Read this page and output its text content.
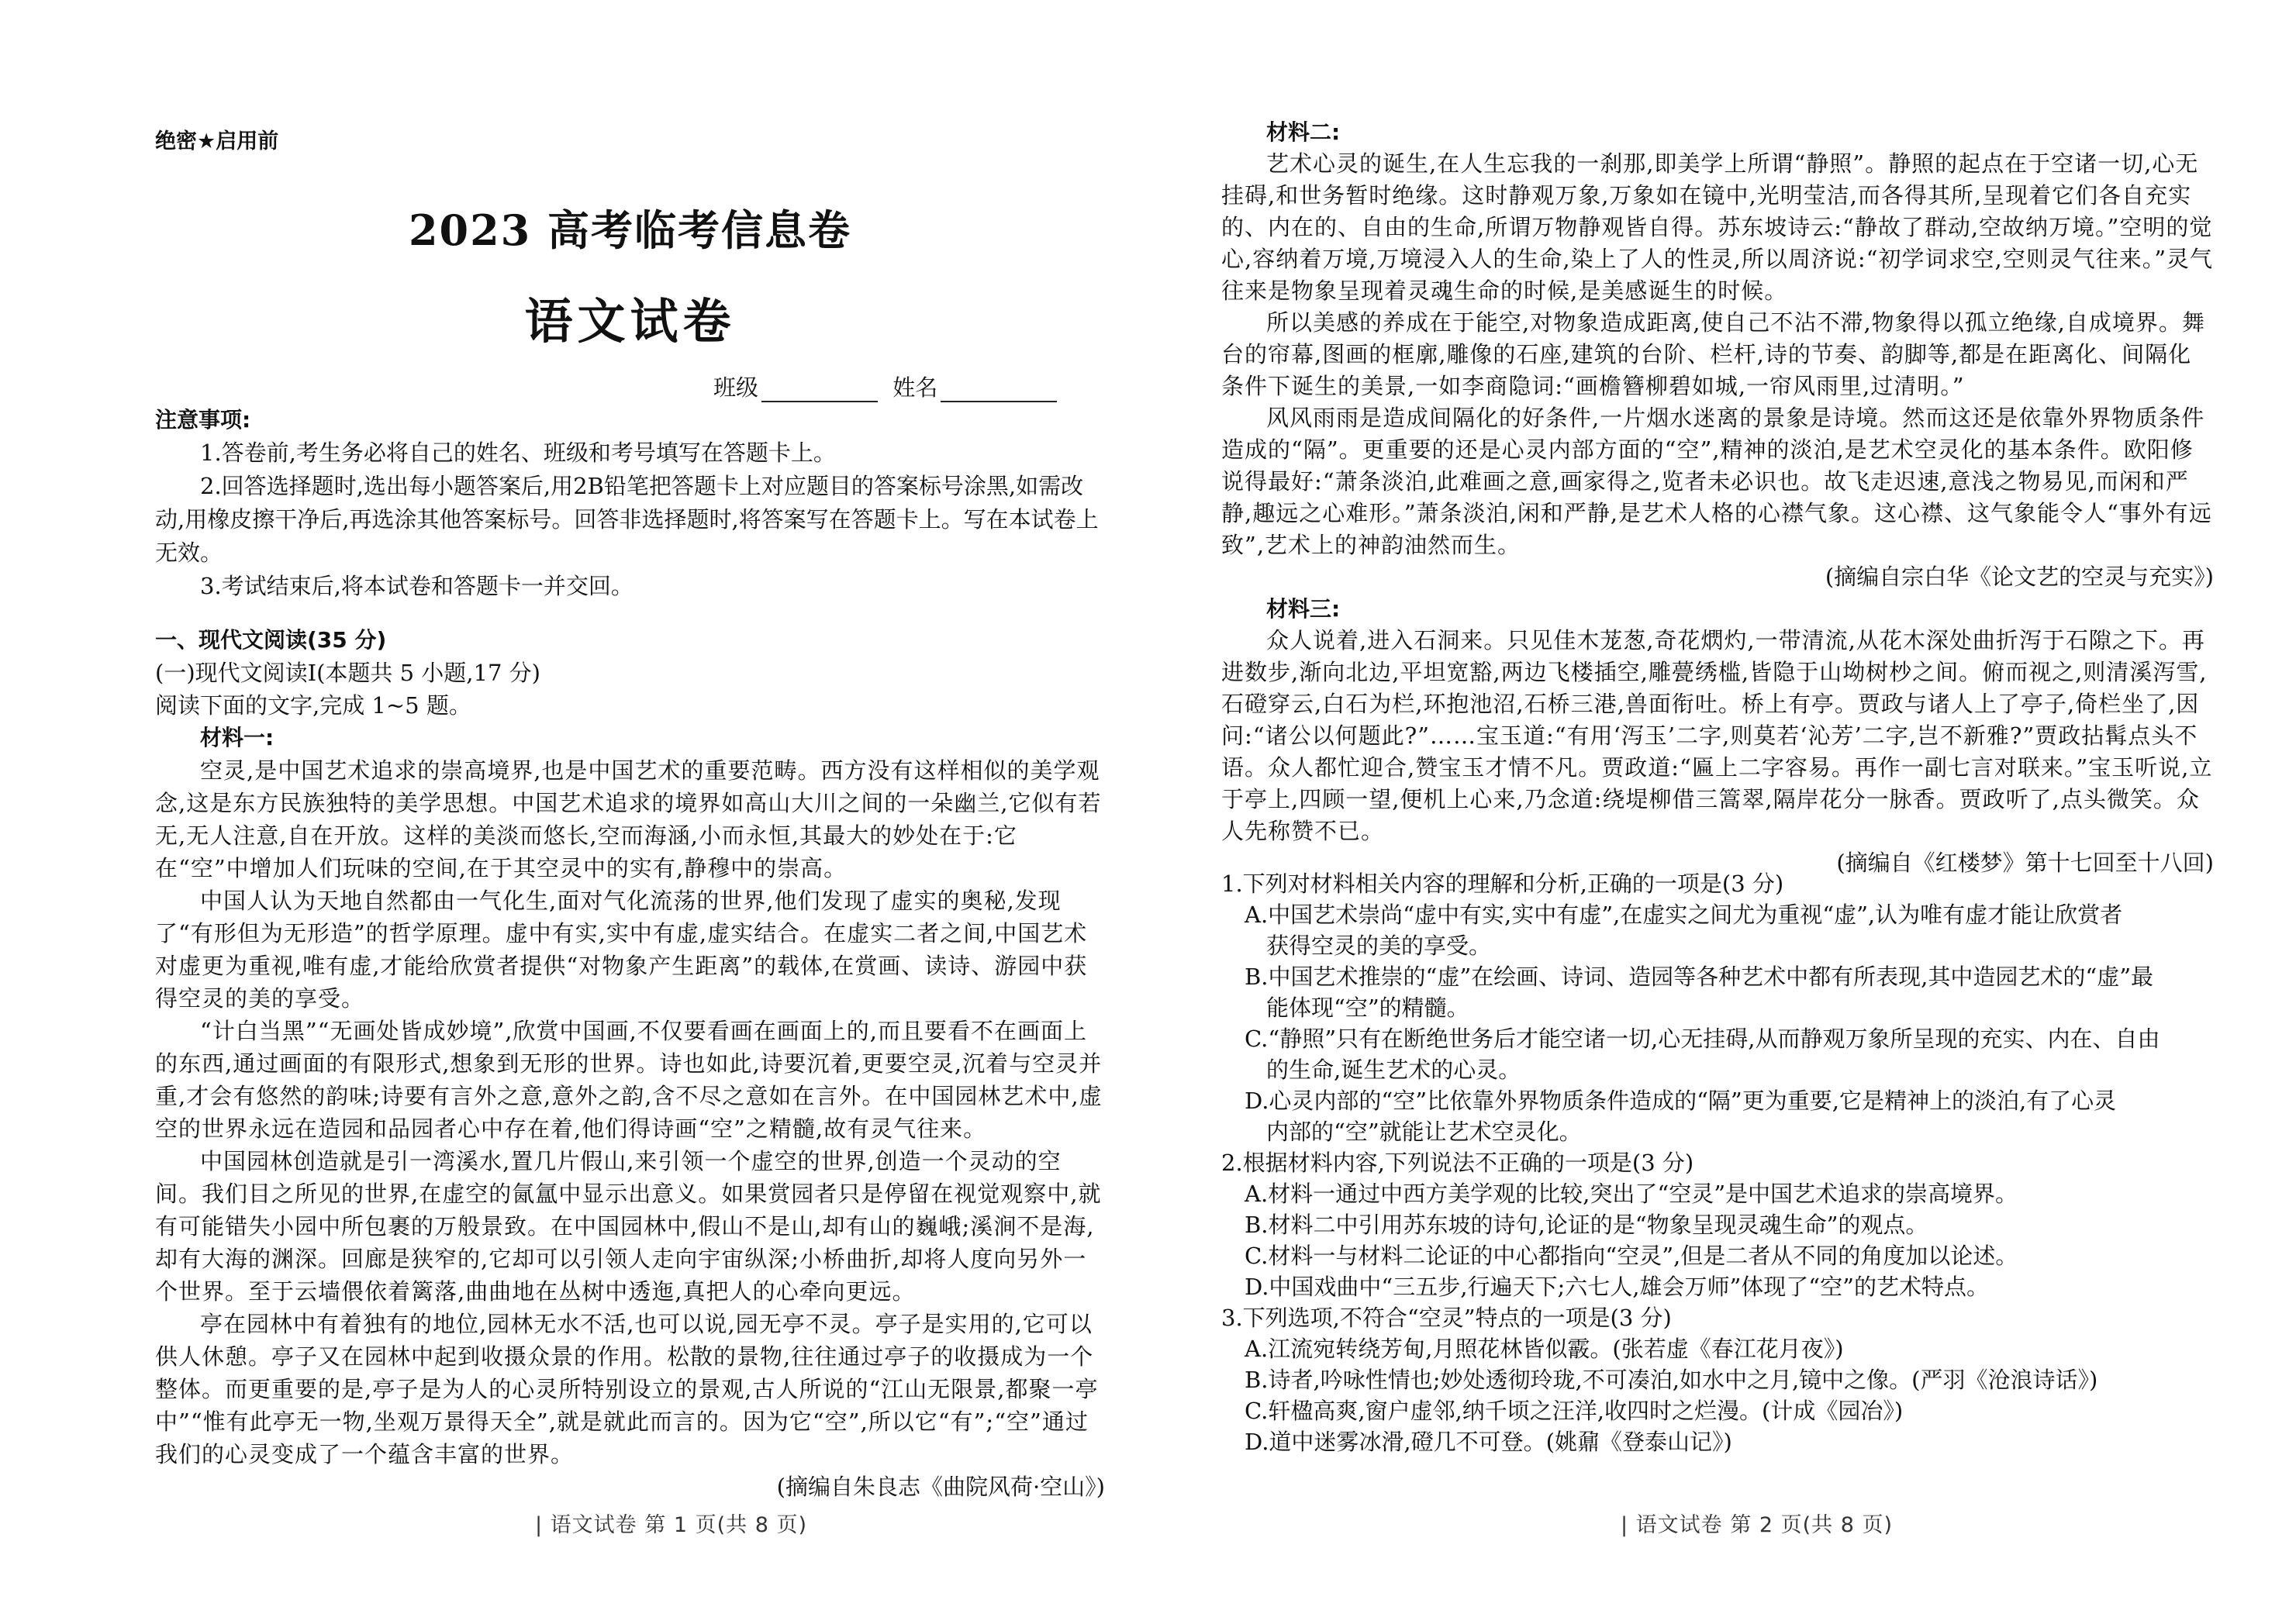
绝密★启用前

2023 高考临考信息卷

语文试卷

班级	姓名

注意事项:

1.答卷前,考生务必将自己的姓名、班级和考号填写在答题卡上。

2.回答选择题时,选出每小题答案后,用2B铅笔把答题卡上对应题目的答案标号涂黑,如需改动,用橡皮擦干净后,再选涂其他答案标号。回答非选择题时,将答案写在答题卡上。写在本试卷上无效。

3.考试结束后,将本试卷和答题卡一并交回。

一、现代文阅读(35 分)

(一)现代文阅读Ⅰ(本题共 5 小题,17 分)

阅读下面的文字,完成 1~5 题。

材料一:

空灵,是中国艺术追求的崇高境界,也是中国艺术的重要范畴。西方没有这样相似的美学观念,这是东方民族独特的美学思想。中国艺术追求的境界如高山大川之间的一朵幽兰,它似有若无,无人注意,自在开放。这样的美淡而悠长,空而海涵,小而永恒,其最大的妙处在于:它在“空”中增加人们玩味的空间,在于其空灵中的实有,静穆中的崇高。

中国人认为天地自然都由一气化生,面对气化流荡的世界,他们发现了虚实的奥秘,发现了“有形但为无形造”的哲学原理。虚中有实,实中有虚,虚实结合。在虚实二者之间,中国艺术对虚更为重视,唯有虚,才能给欣赏者提供“对物象产生距离”的载体,在赏画、读诗、游园中获得空灵的美的享受。

“计白当黑”“无画处皆成妙境”,欣赏中国画,不仅要看画在画面上的,而且要看不在画面上的东西,通过画面的有限形式,想象到无形的世界。诗也如此,诗要沉着,更要空灵,沉着与空灵并重,才会有悠然的韵味;诗要有言外之意,意外之韵,含不尽之意如在言外。在中国园林艺术中,虚空的世界永远在造园和品园者心中存在着,他们得诗画“空”之精髓,故有灵气往来。

中国园林创造就是引一湾溪水,置几片假山,来引领一个虚空的世界,创造一个灵动的空间。我们目之所见的世界,在虚空的氤氲中显示出意义。如果赏园者只是停留在视觉观察中,就有可能错失小园中所包裹的万般景致。在中国园林中,假山不是山,却有山的巍峨;溪涧不是海,却有大海的渊深。回廊是狭窄的,它却可以引领人走向宇宙纵深;小桥曲折,却将人度向另外一个世界。至于云墙偎依着篱落,曲曲地在丛树中透迤,真把人的心牵向更远。

亭在园林中有着独有的地位,园林无水不活,也可以说,园无亭不灵。亭子是实用的,它可以供人休憩。亭子又在园林中起到收摄众景的作用。松散的景物,往往通过亭子的收摄成为一个整体。而更重要的是,亭子是为人的心灵所特别设立的景观,古人所说的“江山无限景,都聚一亭中”“惟有此亭无一物,坐观万景得天全”,就是就此而言的。因为它“空”,所以它“有”;“空”通过我们的心灵变成了一个蕴含丰富的世界。

(摘编自朱良志《曲院风荷·空山》)

| 语文试卷 第 1 页(共 8 页)

材料二:

艺术心灵的诞生,在人生忘我的一刹那,即美学上所谓“静照”。静照的起点在于空诸一切,心无挂碍,和世务暂时绝缘。这时静观万象,万象如在镜中,光明莹洁,而各得其所,呈现着它们各自充实的、内在的、自由的生命,所谓万物静观皆自得。苏东坡诗云:“静故了群动,空故纳万境。”空明的觉心,容纳着万境,万境浸入人的生命,染上了人的性灵,所以周济说:“初学词求空,空则灵气往来。”灵气往来是物象呈现着灵魂生命的时候,是美感诞生的时候。

所以美感的养成在于能空,对物象造成距离,使自己不沾不滞,物象得以孤立绝缘,自成境界。舞台的帘幕,图画的框廓,雕像的石座,建筑的台阶、栏杆,诗的节奏、韵脚等,都是在距离化、间隔化条件下诞生的美景,一如李商隐词:“画檐簪柳碧如城,一帘风雨里,过清明。”

风风雨雨是造成间隔化的好条件,一片烟水迷离的景象是诗境。然而这还是依靠外界物质条件造成的“隔”。更重要的还是心灵内部方面的“空”,精神的淡泊,是艺术空灵化的基本条件。欧阳修说得最好:“萧条淡泊,此难画之意,画家得之,览者未必识也。故飞走迟速,意浅之物易见,而闲和严静,趣远之心难形。”萧条淡泊,闲和严静,是艺术人格的心襟气象。这心襟、这气象能令人“事外有远致”,艺术上的神韵油然而生。

(摘编自宗白华《论文艺的空灵与充实》)

材料三:

众人说着,进入石洞来。只见佳木茏葱,奇花熌灼,一带清流,从花木深处曲折泻于石隙之下。再进数步,渐向北边,平坦宽豁,两边飞楼插空,雕甍绣槛,皆隐于山坳树杪之间。俯而视之,则清溪泻雪,石磴穿云,白石为栏,环抱池沼,石桥三港,兽面衔吐。桥上有亭。贾政与诸人上了亭子,倚栏坐了,因问:“诸公以何题此?”……宝玉道:“有用‘泻玉’二字,则莫若‘沁芳’二字,岂不新雅?”贾政拈髯点头不语。众人都忙迎合,赞宝玉才情不凡。贾政道:“匾上二字容易。再作一副七言对联来。”宝玉听说,立于亭上,四顾一望,便机上心来,乃念道:绕堤柳借三篙翠,隔岸花分一脉香。贾政听了,点头微笑。众人先称赞不已。

(摘编自《红楼梦》第十七回至十八回)

1.下列对材料相关内容的理解和分析,正确的一项是(3 分)

A.中国艺术崇尚“虚中有实,实中有虚”,在虚实之间尤为重视“虚”,认为唯有虚才能让欣赏者

获得空灵的美的享受。

B.中国艺术推崇的“虚”在绘画、诗词、造园等各种艺术中都有所表现,其中造园艺术的“虚”最

能体现“空”的精髓。

C.“静照”只有在断绝世务后才能空诸一切,心无挂碍,从而静观万象所呈现的充实、内在、自由

的生命,诞生艺术的心灵。

D.心灵内部的“空”比依靠外界物质条件造成的“隔”更为重要,它是精神上的淡泊,有了心灵

内部的“空”就能让艺术空灵化。

2.根据材料内容,下列说法不正确的一项是(3 分)

A.材料一通过中西方美学观的比较,突出了“空灵”是中国艺术追求的崇高境界。

B.材料二中引用苏东坡的诗句,论证的是“物象呈现灵魂生命”的观点。

C.材料一与材料二论证的中心都指向“空灵”,但是二者从不同的角度加以论述。

D.中国戏曲中“三五步,行遍天下;六七人,雄会万师”体现了“空”的艺术特点。

3.下列选项,不符合“空灵”特点的一项是(3 分)

A.江流宛转绕芳甸,月照花林皆似霰。(张若虚《春江花月夜》)

B.诗者,吟咏性情也;妙处透彻玲珑,不可凑泊,如水中之月,镜中之像。(严羽《沧浪诗话》)

C.轩楹高爽,窗户虚邻,纳千顷之汪洋,收四时之烂漫。(计成《园冶》)

D.道中迷雾冰滑,磴几不可登。(姚鼐《登泰山记》)

| 语文试卷 第 2 页(共 8 页)
